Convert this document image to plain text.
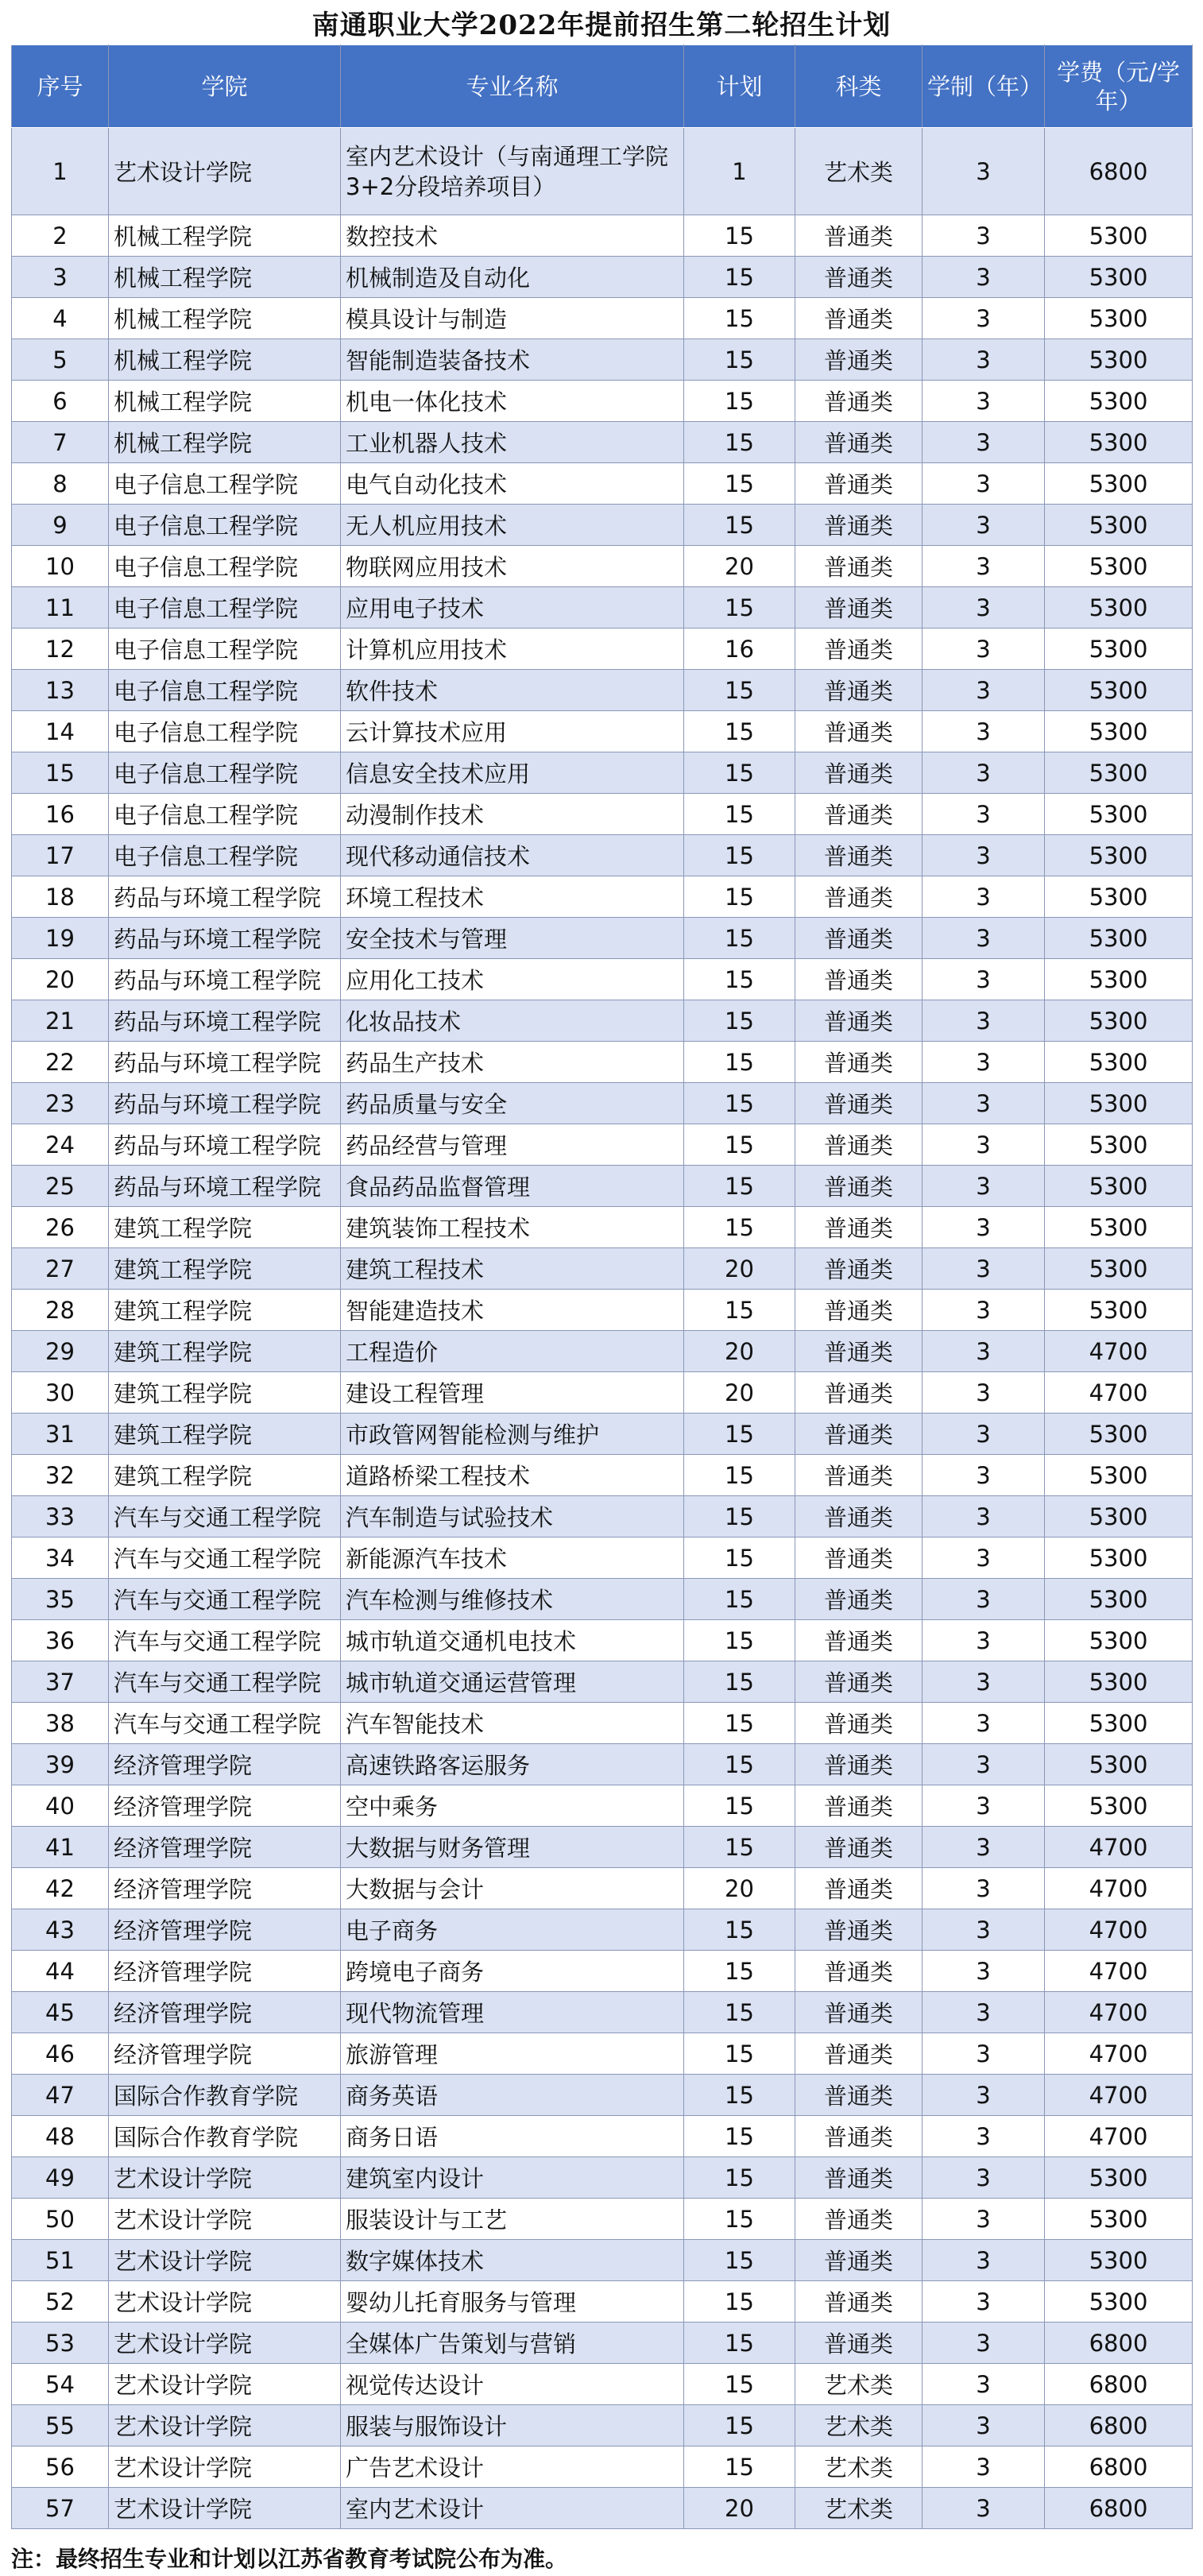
南通职业大学2022年提前招生第二轮招生计划
序号	学院	专业名称	计划	科类	学制（年）	学费（元/学年）
1	艺术设计学院	室内艺术设计（与南通理工学院3+2分段培养项目）	1	艺术类	3	6800
2	机械工程学院	数控技术	15	普通类	3	5300
3	机械工程学院	机械制造及自动化	15	普通类	3	5300
4	机械工程学院	模具设计与制造	15	普通类	3	5300
5	机械工程学院	智能制造装备技术	15	普通类	3	5300
6	机械工程学院	机电一体化技术	15	普通类	3	5300
7	机械工程学院	工业机器人技术	15	普通类	3	5300
8	电子信息工程学院	电气自动化技术	15	普通类	3	5300
9	电子信息工程学院	无人机应用技术	15	普通类	3	5300
10	电子信息工程学院	物联网应用技术	20	普通类	3	5300
11	电子信息工程学院	应用电子技术	15	普通类	3	5300
12	电子信息工程学院	计算机应用技术	16	普通类	3	5300
13	电子信息工程学院	软件技术	15	普通类	3	5300
14	电子信息工程学院	云计算技术应用	15	普通类	3	5300
15	电子信息工程学院	信息安全技术应用	15	普通类	3	5300
16	电子信息工程学院	动漫制作技术	15	普通类	3	5300
17	电子信息工程学院	现代移动通信技术	15	普通类	3	5300
18	药品与环境工程学院	环境工程技术	15	普通类	3	5300
19	药品与环境工程学院	安全技术与管理	15	普通类	3	5300
20	药品与环境工程学院	应用化工技术	15	普通类	3	5300
21	药品与环境工程学院	化妆品技术	15	普通类	3	5300
22	药品与环境工程学院	药品生产技术	15	普通类	3	5300
23	药品与环境工程学院	药品质量与安全	15	普通类	3	5300
24	药品与环境工程学院	药品经营与管理	15	普通类	3	5300
25	药品与环境工程学院	食品药品监督管理	15	普通类	3	5300
26	建筑工程学院	建筑装饰工程技术	15	普通类	3	5300
27	建筑工程学院	建筑工程技术	20	普通类	3	5300
28	建筑工程学院	智能建造技术	15	普通类	3	5300
29	建筑工程学院	工程造价	20	普通类	3	4700
30	建筑工程学院	建设工程管理	20	普通类	3	4700
31	建筑工程学院	市政管网智能检测与维护	15	普通类	3	5300
32	建筑工程学院	道路桥梁工程技术	15	普通类	3	5300
33	汽车与交通工程学院	汽车制造与试验技术	15	普通类	3	5300
34	汽车与交通工程学院	新能源汽车技术	15	普通类	3	5300
35	汽车与交通工程学院	汽车检测与维修技术	15	普通类	3	5300
36	汽车与交通工程学院	城市轨道交通机电技术	15	普通类	3	5300
37	汽车与交通工程学院	城市轨道交通运营管理	15	普通类	3	5300
38	汽车与交通工程学院	汽车智能技术	15	普通类	3	5300
39	经济管理学院	高速铁路客运服务	15	普通类	3	5300
40	经济管理学院	空中乘务	15	普通类	3	5300
41	经济管理学院	大数据与财务管理	15	普通类	3	4700
42	经济管理学院	大数据与会计	20	普通类	3	4700
43	经济管理学院	电子商务	15	普通类	3	4700
44	经济管理学院	跨境电子商务	15	普通类	3	4700
45	经济管理学院	现代物流管理	15	普通类	3	4700
46	经济管理学院	旅游管理	15	普通类	3	4700
47	国际合作教育学院	商务英语	15	普通类	3	4700
48	国际合作教育学院	商务日语	15	普通类	3	4700
49	艺术设计学院	建筑室内设计	15	普通类	3	5300
50	艺术设计学院	服装设计与工艺	15	普通类	3	5300
51	艺术设计学院	数字媒体技术	15	普通类	3	5300
52	艺术设计学院	婴幼儿托育服务与管理	15	普通类	3	5300
53	艺术设计学院	全媒体广告策划与营销	15	普通类	3	6800
54	艺术设计学院	视觉传达设计	15	艺术类	3	6800
55	艺术设计学院	服装与服饰设计	15	艺术类	3	6800
56	艺术设计学院	广告艺术设计	15	艺术类	3	6800
57	艺术设计学院	室内艺术设计	20	艺术类	3	6800
注：最终招生专业和计划以江苏省教育考试院公布为准。
